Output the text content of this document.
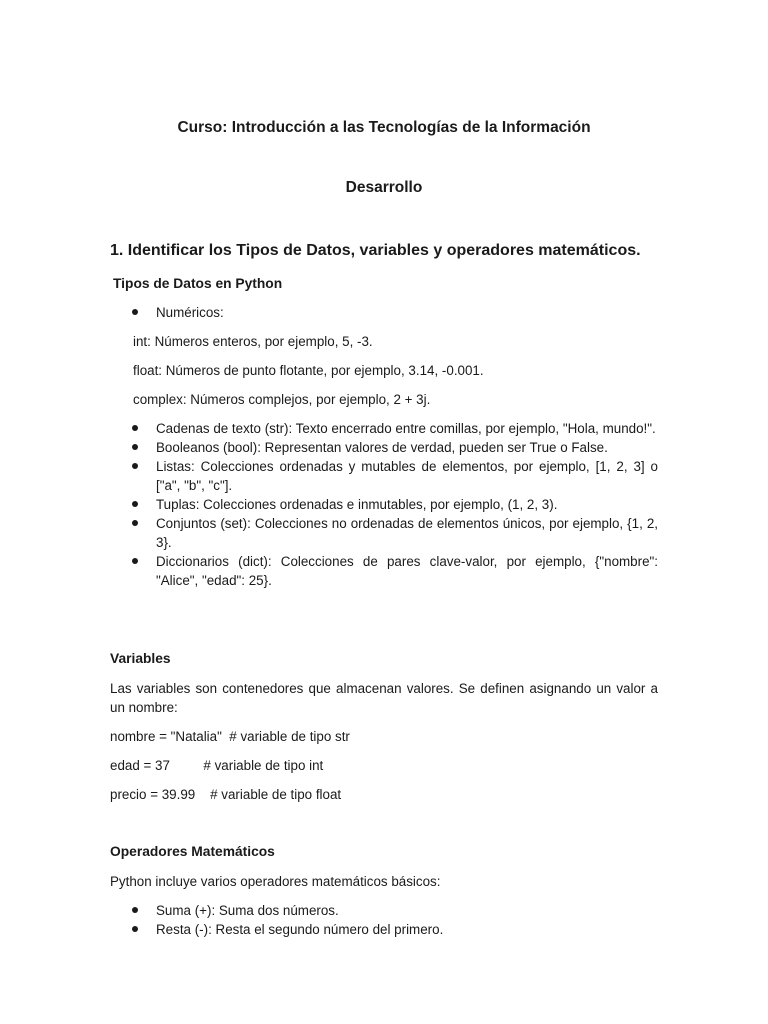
Curso: Introducción a las Tecnologías de la Información
Desarrollo
1. Identificar los Tipos de Datos, variables y operadores matemáticos.
Tipos de Datos en Python
Numéricos:
int: Números enteros, por ejemplo, 5, -3.
float: Números de punto flotante, por ejemplo, 3.14, -0.001.
complex: Números complejos, por ejemplo, 2 + 3j.
Cadenas de texto (str): Texto encerrado entre comillas, por ejemplo, "Hola, mundo!".
Booleanos (bool): Representan valores de verdad, pueden ser True o False.
Listas: Colecciones ordenadas y mutables de elementos, por ejemplo, [1, 2, 3] o ["a", "b", "c"].
Tuplas: Colecciones ordenadas e inmutables, por ejemplo, (1, 2, 3).
Conjuntos (set): Colecciones no ordenadas de elementos únicos, por ejemplo, {1, 2, 3}.
Diccionarios (dict): Colecciones de pares clave-valor, por ejemplo, {"nombre": "Alice", "edad": 25}.
Variables
Las variables son contenedores que almacenan valores. Se definen asignando un valor a un nombre:
nombre = "Natalia"  # variable de tipo str
edad = 37         # variable de tipo int
precio = 39.99    # variable de tipo float
Operadores Matemáticos
Python incluye varios operadores matemáticos básicos:
Suma (+): Suma dos números.
Resta (-): Resta el segundo número del primero.
